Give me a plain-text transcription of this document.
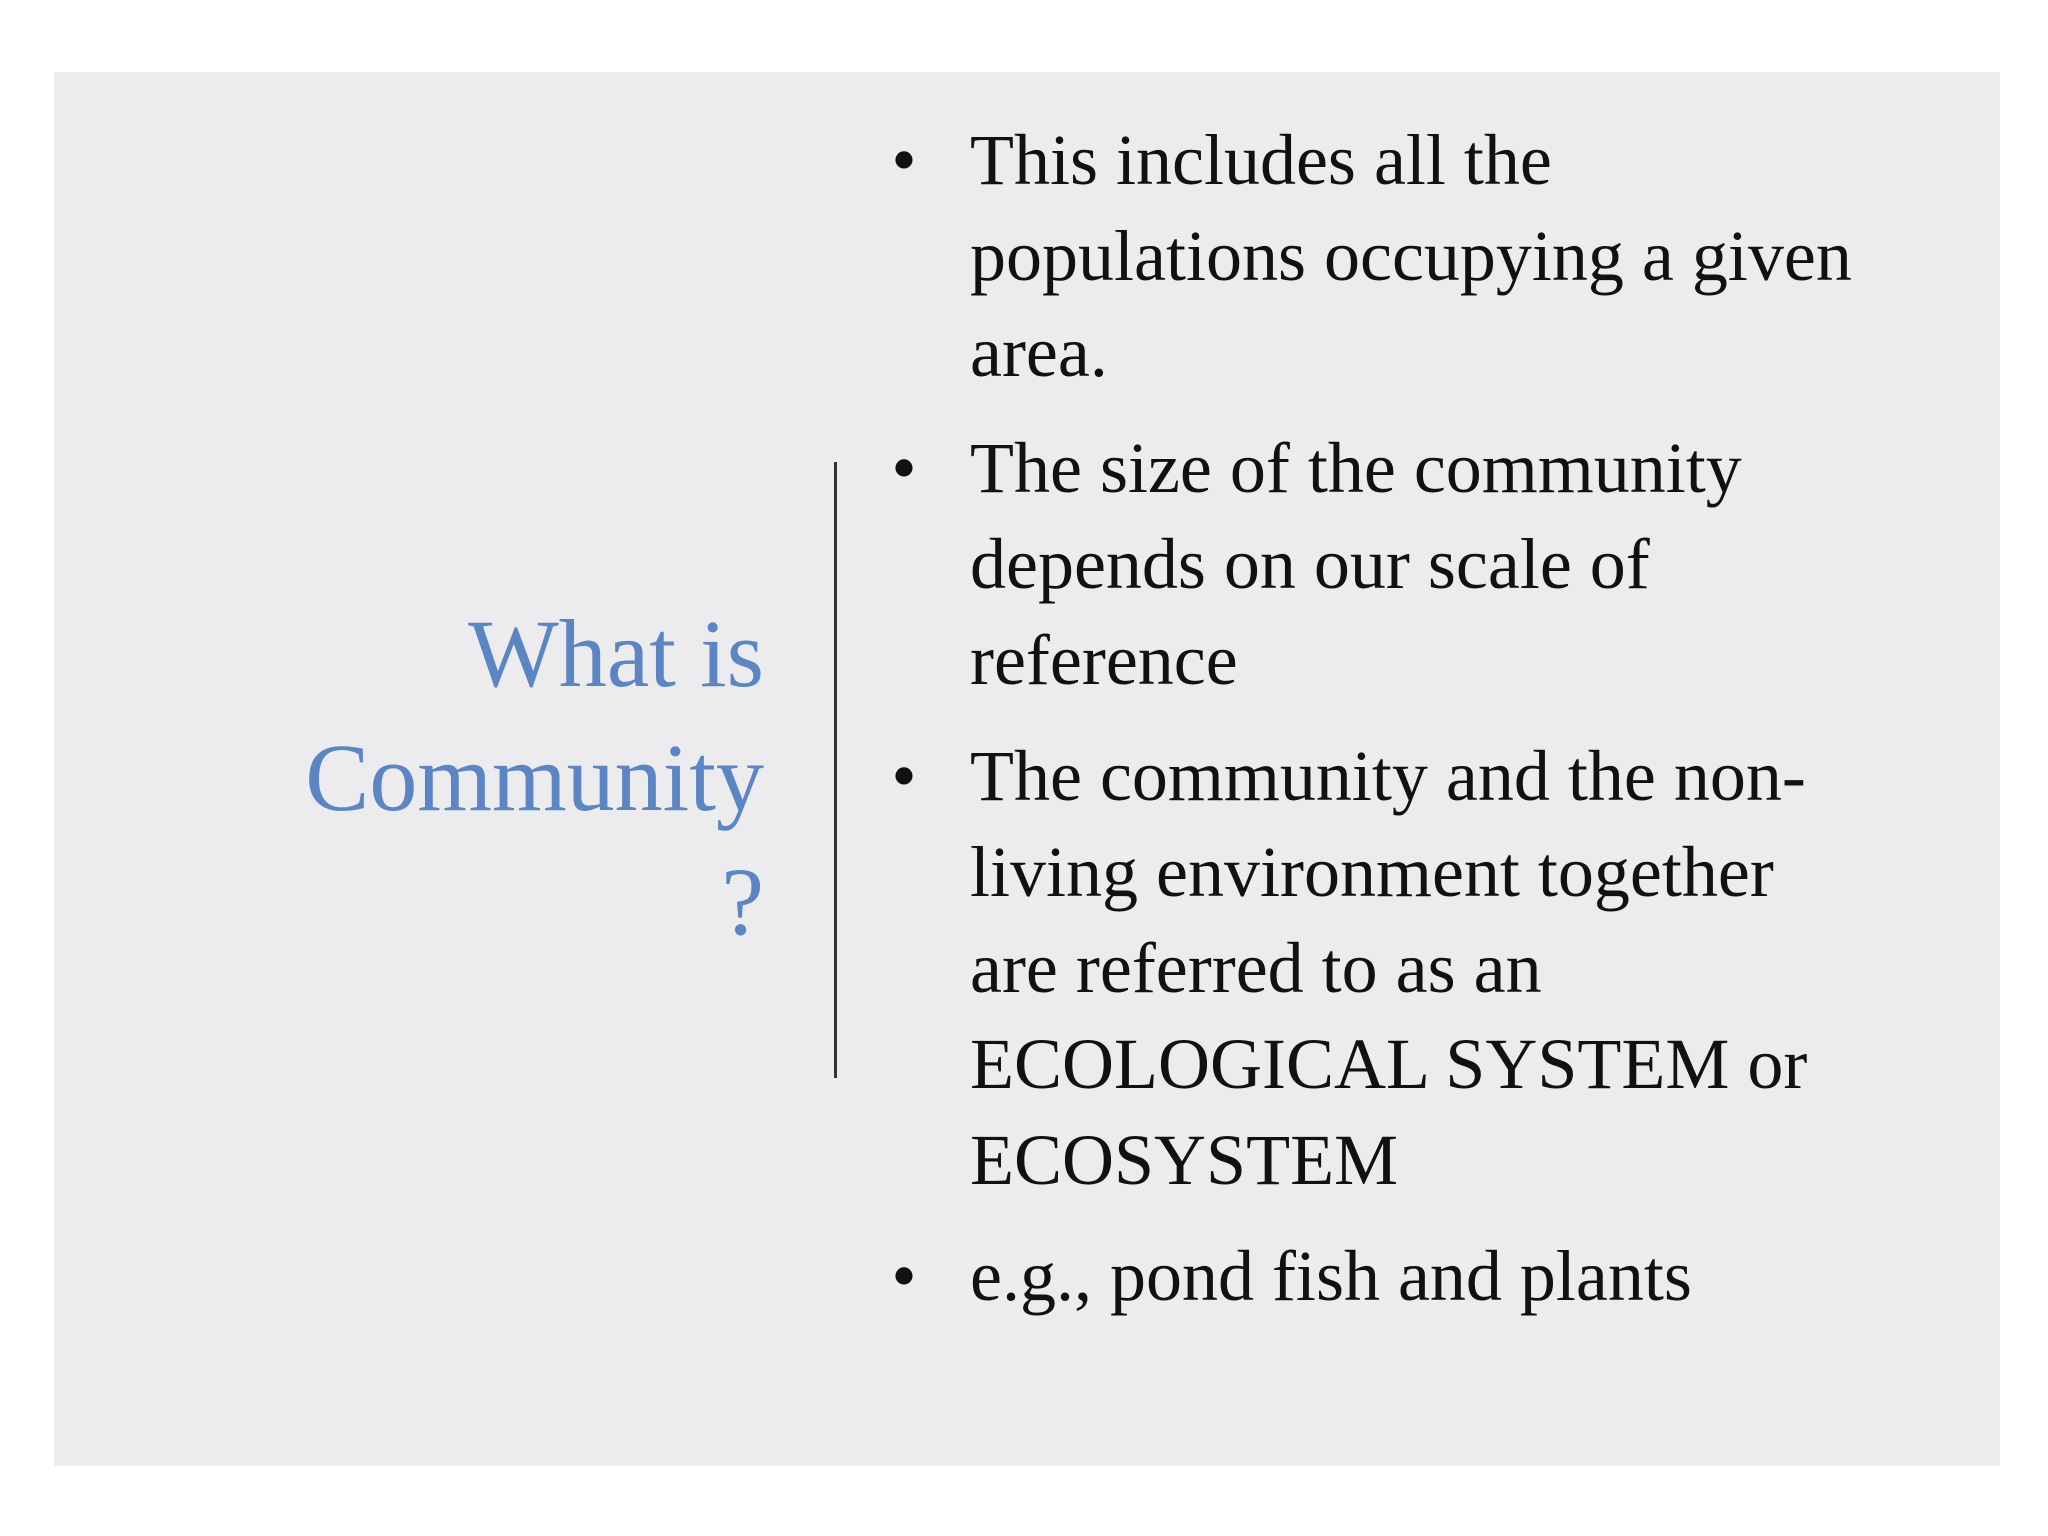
What is
Community
?
• This includes all the
populations occupying a given
area.
• The size of the community
depends on our scale of
reference
• The community and the non-
living environment together
are referred to as an
ECOLOGICAL SYSTEM or
ECOSYSTEM
• e.g., pond fish and plants
